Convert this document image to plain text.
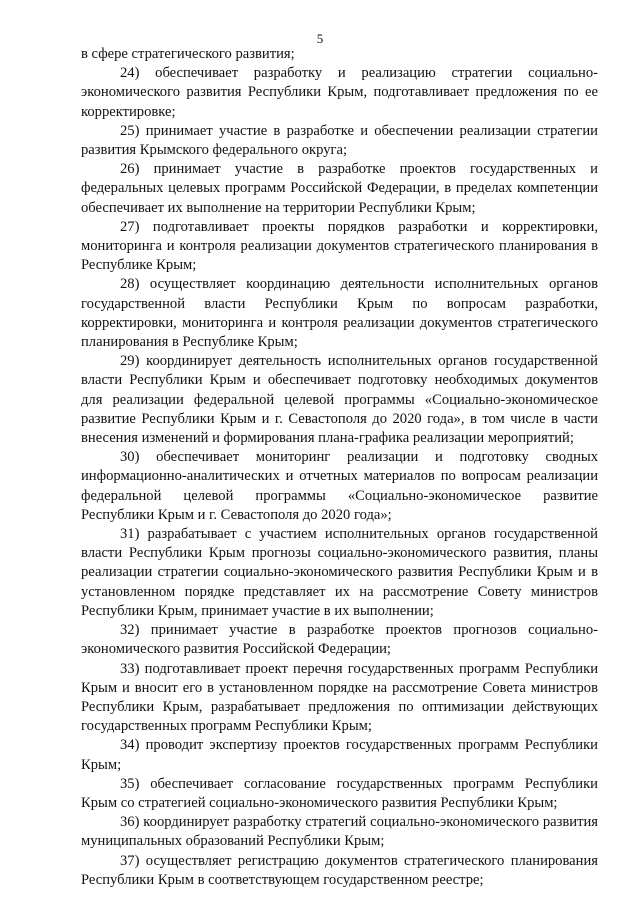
5

в сфере стратегического развития;

24) обеспечивает разработку и реализацию стратегии социально-экономического развития Республики Крым, подготавливает предложения по ее корректировке;

25) принимает участие в разработке и обеспечении реализации стратегии развития Крымского федерального округа;

26) принимает участие в разработке проектов государственных и федеральных целевых программ Российской Федерации, в пределах компетенции обеспечивает их выполнение на территории Республики Крым;

27) подготавливает проекты порядков разработки и корректировки, мониторинга и контроля реализации документов стратегического планирования в Республике Крым;

28) осуществляет координацию деятельности исполнительных органов государственной власти Республики Крым по вопросам разработки, корректировки, мониторинга и контроля реализации документов стратегического планирования в Республике Крым;

29) координирует деятельность исполнительных органов государственной власти Республики Крым и обеспечивает подготовку необходимых документов для реализации федеральной целевой программы «Социально-экономическое развитие Республики Крым и г. Севастополя до 2020 года», в том числе в части внесения изменений и формирования плана-графика реализации мероприятий;

30) обеспечивает мониторинг реализации и подготовку сводных информационно-аналитических и отчетных материалов по вопросам реализации федеральной целевой программы «Социально-экономическое развитие Республики Крым и г. Севастополя до 2020 года»;

31) разрабатывает с участием исполнительных органов государственной власти Республики Крым прогнозы социально-экономического развития, планы реализации стратегии социально-экономического развития Республики Крым и в установленном порядке представляет их на рассмотрение Совету министров Республики Крым, принимает участие в их выполнении;

32) принимает участие в разработке проектов прогнозов социально-экономического развития Российской Федерации;

33) подготавливает проект перечня государственных программ Республики Крым и вносит его в установленном порядке на рассмотрение Совета министров Республики Крым, разрабатывает предложения по оптимизации действующих государственных программ Республики Крым;

34) проводит экспертизу проектов государственных программ Республики Крым;

35) обеспечивает согласование государственных программ Республики Крым со стратегией социально-экономического развития Республики Крым;

36) координирует разработку стратегий социально-экономического развития муниципальных образований Республики Крым;

37) осуществляет регистрацию документов стратегического планирования Республики Крым в соответствующем государственном реестре;
